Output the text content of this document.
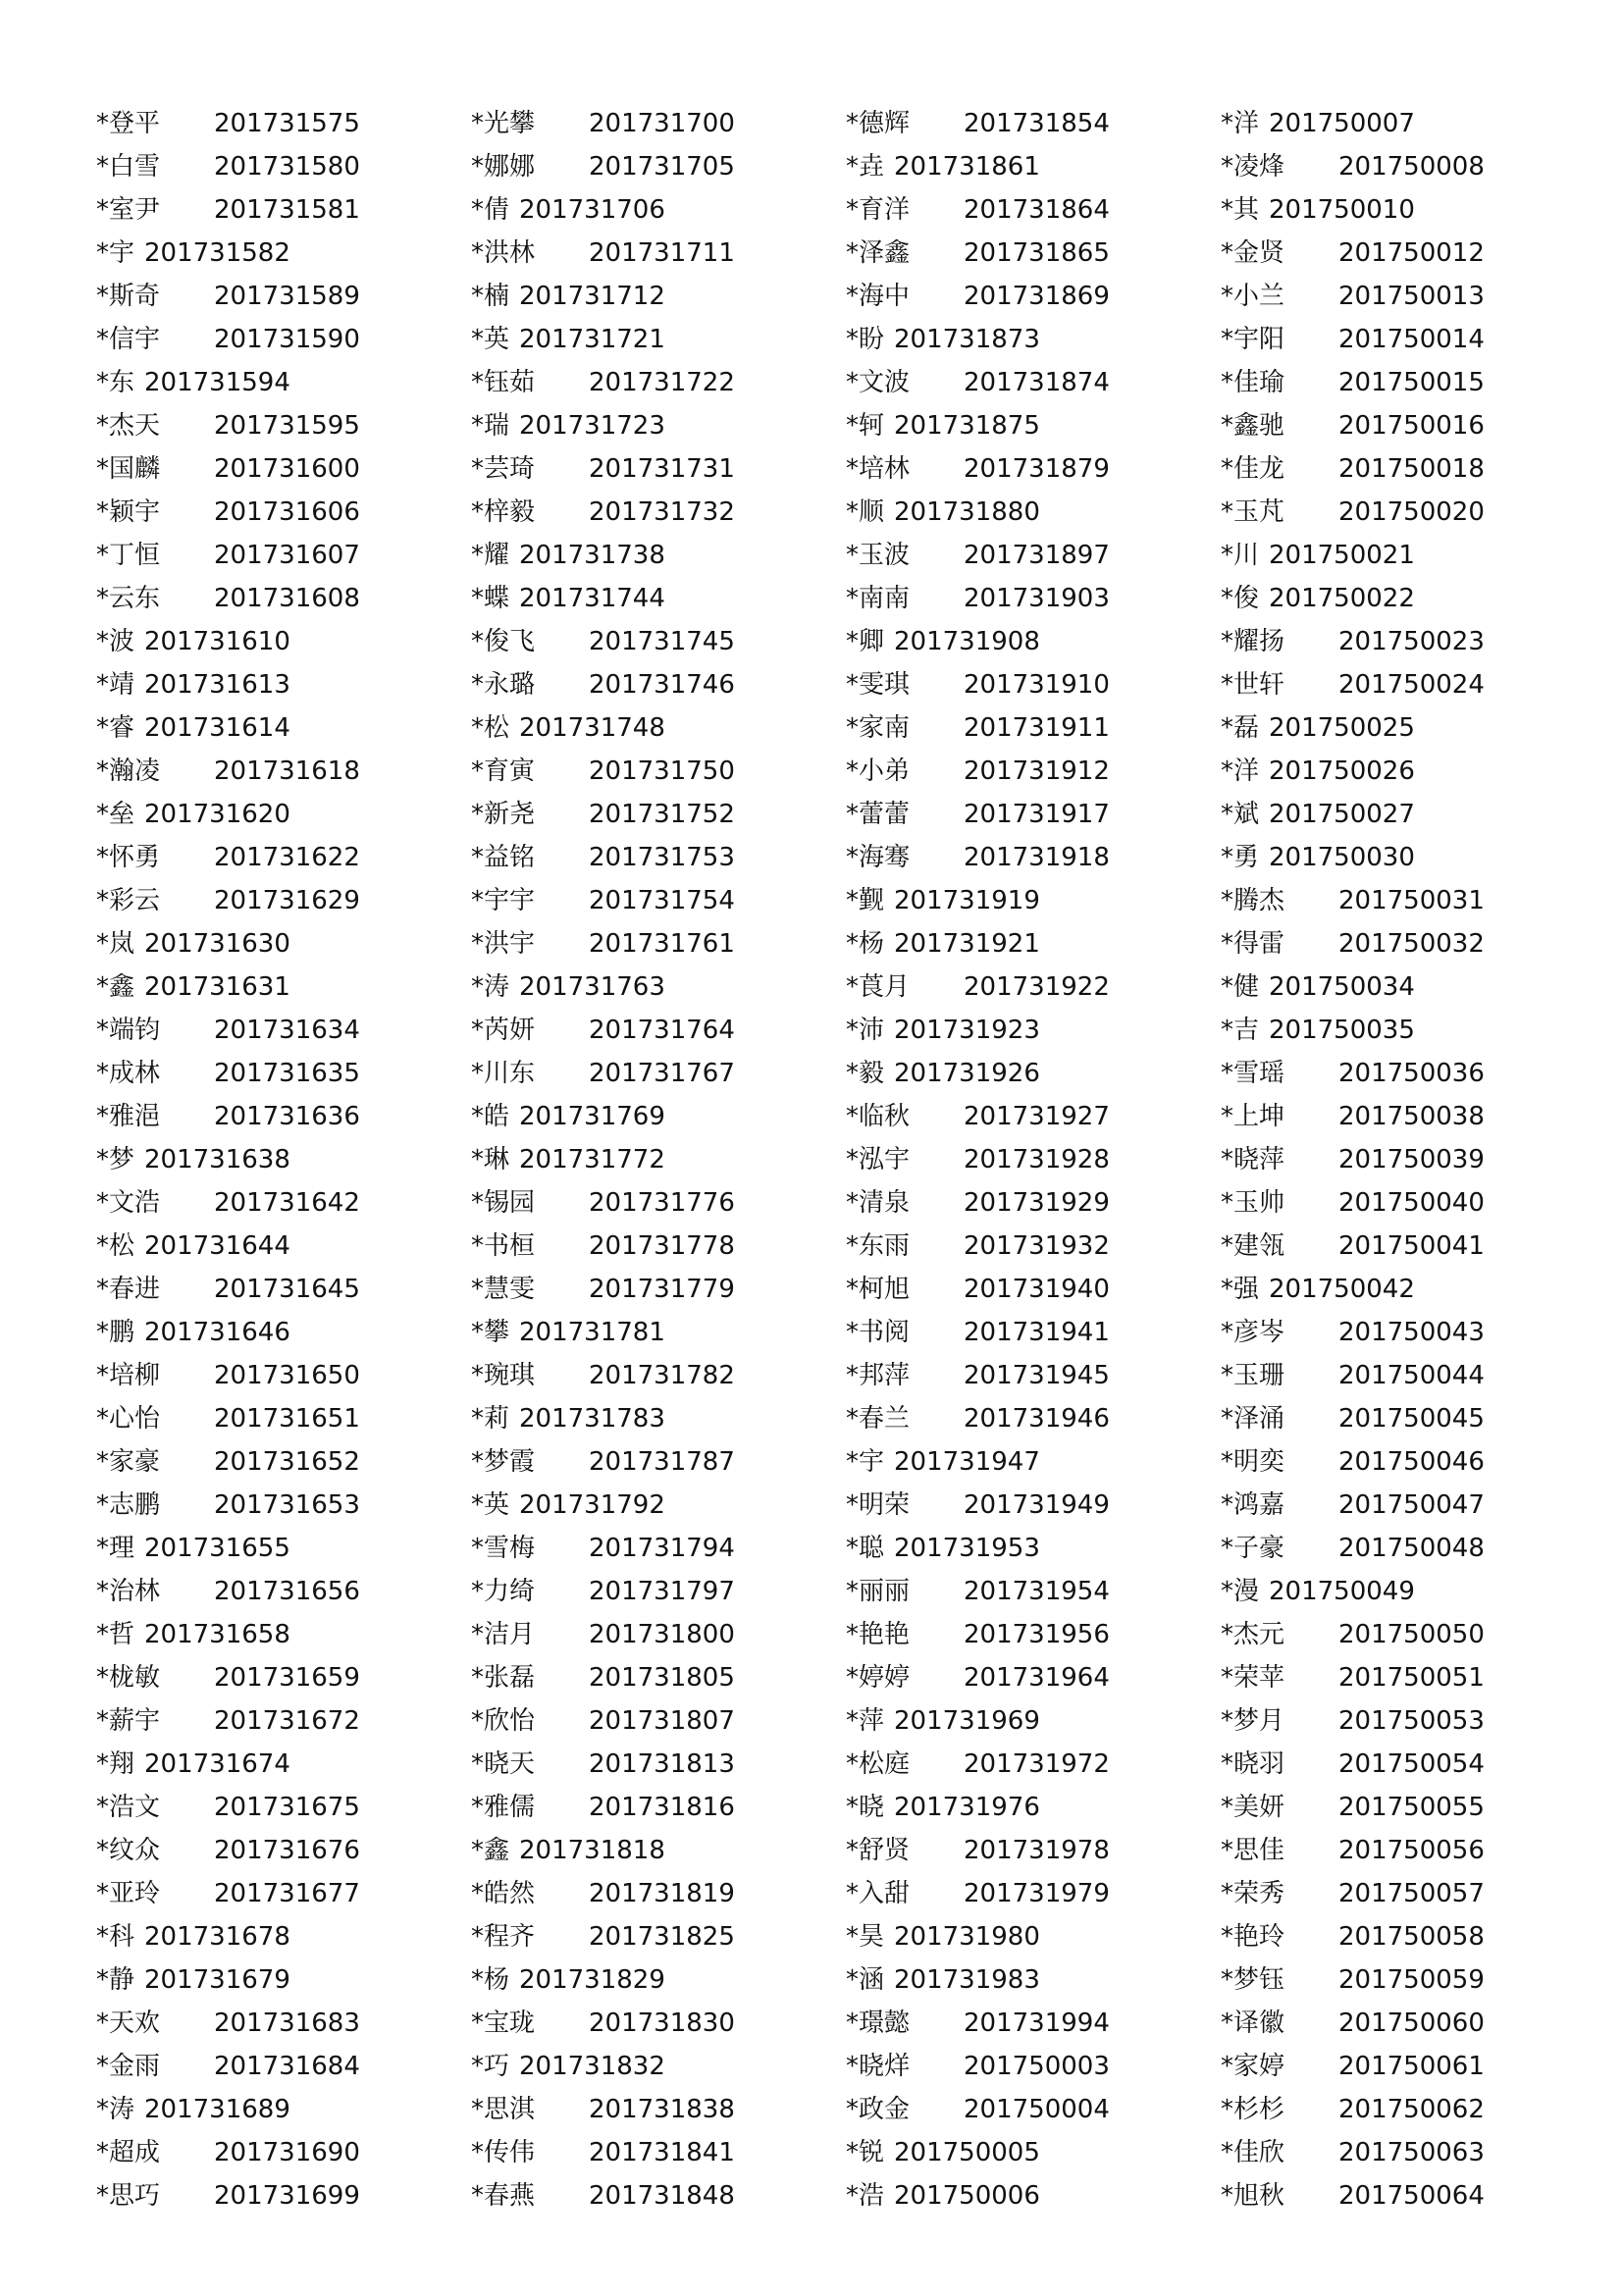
*登平 201731575
*白雪 201731580
*室尹 201731581
*宇 201731582
*斯奇 201731589
*信宇 201731590
*东 201731594
*杰天 201731595
*国麟 201731600
*颖宇 201731606
*丁恒 201731607
*云东 201731608
*波 201731610
*靖 201731613
*睿 201731614
*瀚凌 201731618
*垒 201731620
*怀勇 201731622
*彩云 201731629
*岚 201731630
*鑫 201731631
*端钧 201731634
*成林 201731635
*雅浥 201731636
*梦 201731638
*文浩 201731642
*松 201731644
*春进 201731645
*鹏 201731646
*培柳 201731650
*心怡 201731651
*家豪 201731652
*志鹏 201731653
*理 201731655
*治林 201731656
*哲 201731658
*栊敏 201731659
*薪宇 201731672
*翔 201731674
*浩文 201731675
*纹众 201731676
*亚玲 201731677
*科 201731678
*静 201731679
*天欢 201731683
*金雨 201731684
*涛 201731689
*超成 201731690
*思巧 201731699
*光攀 201731700
*娜娜 201731705
*倩 201731706
*洪林 201731711
*楠 201731712
*英 201731721
*钰茹 201731722
*瑞 201731723
*芸琦 201731731
*梓毅 201731732
*耀 201731738
*蝶 201731744
*俊飞 201731745
*永璐 201731746
*松 201731748
*育寅 201731750
*新尧 201731752
*益铭 201731753
*宇宇 201731754
*洪宇 201731761
*涛 201731763
*芮妍 201731764
*川东 201731767
*皓 201731769
*琳 201731772
*锡园 201731776
*书桓 201731778
*慧雯 201731779
*攀 201731781
*琬琪 201731782
*莉 201731783
*梦霞 201731787
*英 201731792
*雪梅 201731794
*力绮 201731797
*洁月 201731800
*张磊 201731805
*欣怡 201731807
*晓天 201731813
*雅儒 201731816
*鑫 201731818
*皓然 201731819
*程齐 201731825
*杨 201731829
*宝珑 201731830
*巧 201731832
*思淇 201731838
*传伟 201731841
*春燕 201731848
*德辉 201731854
*垚 201731861
*育洋 201731864
*泽鑫 201731865
*海中 201731869
*盼 201731873
*文波 201731874
*轲 201731875
*培林 201731879
*顺 201731880
*玉波 201731897
*南南 201731903
*卿 201731908
*雯琪 201731910
*家南 201731911
*小弟 201731912
*蕾蕾 201731917
*海骞 201731918
*觐 201731919
*杨 201731921
*莨月 201731922
*沛 201731923
*毅 201731926
*临秋 201731927
*泓宇 201731928
*清泉 201731929
*东雨 201731932
*柯旭 201731940
*书阅 201731941
*邦萍 201731945
*春兰 201731946
*宇 201731947
*明荣 201731949
*聪 201731953
*丽丽 201731954
*艳艳 201731956
*婷婷 201731964
*萍 201731969
*松庭 201731972
*晓 201731976
*舒贤 201731978
*入甜 201731979
*昊 201731980
*涵 201731983
*璟懿 201731994
*晓烊 201750003
*政金 201750004
*锐 201750005
*浩 201750006
*洋 201750007
*凌烽 201750008
*其 201750010
*金贤 201750012
*小兰 201750013
*宇阳 201750014
*佳瑜 201750015
*鑫驰 201750016
*佳龙 201750018
*玉芃 201750020
*川 201750021
*俊 201750022
*耀扬 201750023
*世轩 201750024
*磊 201750025
*洋 201750026
*斌 201750027
*勇 201750030
*腾杰 201750031
*得雷 201750032
*健 201750034
*吉 201750035
*雪瑶 201750036
*上坤 201750038
*晓萍 201750039
*玉帅 201750040
*建瓴 201750041
*强 201750042
*彦岑 201750043
*玉珊 201750044
*泽涌 201750045
*明奕 201750046
*鸿嘉 201750047
*子豪 201750048
*漫 201750049
*杰元 201750050
*荣苹 201750051
*梦月 201750053
*晓羽 201750054
*美妍 201750055
*思佳 201750056
*荣秀 201750057
*艳玲 201750058
*梦钰 201750059
*译徽 201750060
*家婷 201750061
*杉杉 201750062
*佳欣 201750063
*旭秋 201750064
